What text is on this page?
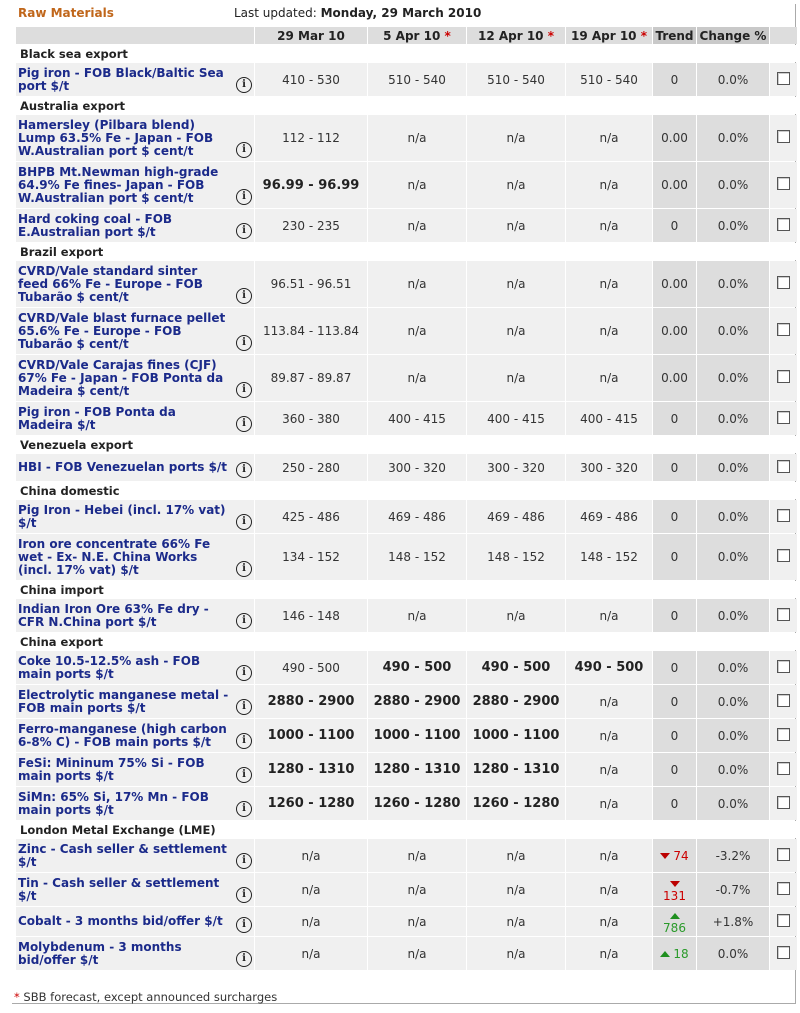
Raw Materials	Last updated: Monday, 29 March 2010
	29 Mar 10	5 Apr 10 *	12 Apr 10 *	19 Apr 10 *	Trend	Change %	
Black sea export							

Pig iron - FOB Black/Baltic Sea port $/t i	410 - 530	510 - 540	510 - 540	510 - 540	0	0.0%	
Australia export							

Hamersley (Pilbara blend) Lump 63.5% Fe - Japan - FOB W.Australian port $ cent/t i	112 - 112	n/a	n/a	n/a	0.00	0.0%	

BHPB Mt.Newman high-grade 64.9% Fe fines- Japan - FOB W.Australian port $ cent/t i	96.99 - 96.99	n/a	n/a	n/a	0.00	0.0%	

Hard coking coal - FOB E.Australian port $/t i	230 - 235	n/a	n/a	n/a	0	0.0%	
Brazil export							

CVRD/Vale standard sinter feed 66% Fe - Europe - FOB Tubarão $ cent/t i	96.51 - 96.51	n/a	n/a	n/a	0.00	0.0%	

CVRD/Vale blast furnace pellet 65.6% Fe - Europe - FOB Tubarão $ cent/t i	113.84 - 113.84	n/a	n/a	n/a	0.00	0.0%	

CVRD/Vale Carajas fines (CJF) 67% Fe - Japan - FOB Ponta da Madeira $ cent/t i	89.87 - 89.87	n/a	n/a	n/a	0.00	0.0%	

Pig iron - FOB Ponta da Madeira $/t i	360 - 380	400 - 415	400 - 415	400 - 415	0	0.0%	
Venezuela export							

HBI - FOB Venezuelan ports $/t i	250 - 280	300 - 320	300 - 320	300 - 320	0	0.0%	
China domestic							

Pig Iron - Hebei (incl. 17% vat) $/t i	425 - 486	469 - 486	469 - 486	469 - 486	0	0.0%	

Iron ore concentrate 66% Fe wet - Ex- N.E. China Works (incl. 17% vat) $/t i	134 - 152	148 - 152	148 - 152	148 - 152	0	0.0%	
China import							

Indian Iron Ore 63% Fe dry - CFR N.China port $/t i	146 - 148	n/a	n/a	n/a	0	0.0%	
China export							

Coke 10.5-12.5% ash - FOB main ports $/t i	490 - 500	490 - 500	490 - 500	490 - 500	0	0.0%	

Electrolytic manganese metal - FOB main ports $/t i	2880 - 2900	2880 - 2900	2880 - 2900	n/a	0	0.0%	

Ferro-manganese (high carbon 6-8% C) - FOB main ports $/t i	1000 - 1100	1000 - 1100	1000 - 1100	n/a	0	0.0%	

FeSi: Mininum 75% Si - FOB main ports $/t i	1280 - 1310	1280 - 1310	1280 - 1310	n/a	0	0.0%	

SiMn: 65% Si, 17% Mn - FOB main ports $/t i	1260 - 1280	1260 - 1280	1260 - 1280	n/a	0	0.0%	
London Metal Exchange (LME)							

Zinc - Cash seller & settlement $/t i	n/a	n/a	n/a	n/a	74	-3.2%	

Tin - Cash seller & settlement $/t i	n/a	n/a	n/a	n/a	131	-0.7%	

Cobalt - 3 months bid/offer $/t i	n/a	n/a	n/a	n/a	786	+1.8%	

Molybdenum - 3 months bid/offer $/t i	n/a	n/a	n/a	n/a	18	0.0%	
* SBB forecast, except announced surcharges
